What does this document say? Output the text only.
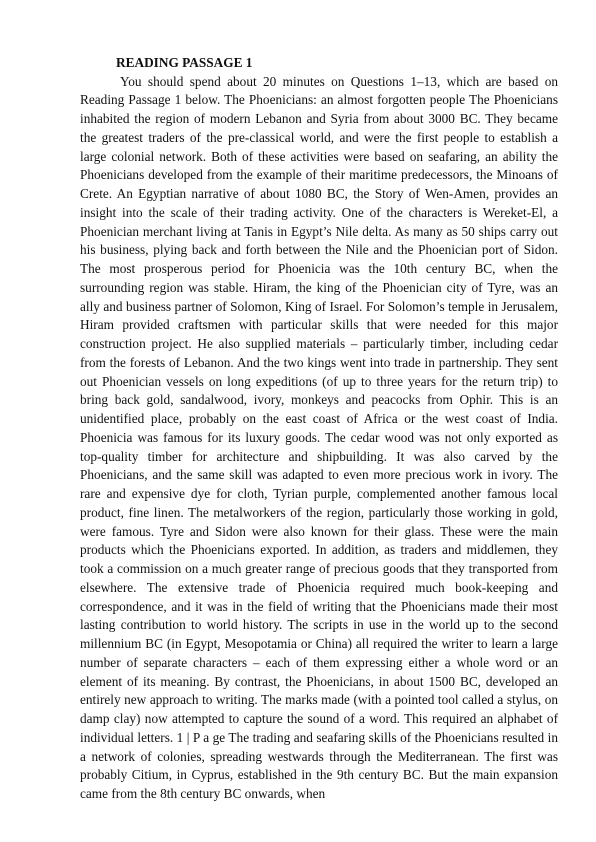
READING PASSAGE 1

You should spend about 20 minutes on Questions 1–13, which are based on Reading Passage 1 below. The Phoenicians: an almost forgotten people The Phoenicians inhabited the region of modern Lebanon and Syria from about 3000 BC. They became the greatest traders of the pre-classical world, and were the first people to establish a large colonial network. Both of these activities were based on seafaring, an ability the Phoenicians developed from the example of their maritime predecessors, the Minoans of Crete. An Egyptian narrative of about 1080 BC, the Story of Wen-Amen, provides an insight into the scale of their trading activity. One of the characters is Wereket-El, a Phoenician merchant living at Tanis in Egypt’s Nile delta. As many as 50 ships carry out his business, plying back and forth between the Nile and the Phoenician port of Sidon. The most prosperous period for Phoenicia was the 10th century BC, when the surrounding region was stable. Hiram, the king of the Phoenician city of Tyre, was an ally and business partner of Solomon, King of Israel. For Solomon’s temple in Jerusalem, Hiram provided craftsmen with particular skills that were needed for this major construction project. He also supplied materials – particularly timber, including cedar from the forests of Lebanon. And the two kings went into trade in partnership. They sent out Phoenician vessels on long expeditions (of up to three years for the return trip) to bring back gold, sandalwood, ivory, monkeys and peacocks from Ophir. This is an unidentified place, probably on the east coast of Africa or the west coast of India. Phoenicia was famous for its luxury goods. The cedar wood was not only exported as top-quality timber for architecture and shipbuilding. It was also carved by the Phoenicians, and the same skill was adapted to even more precious work in ivory. The rare and expensive dye for cloth, Tyrian purple, complemented another famous local product, fine linen. The metalworkers of the region, particularly those working in gold, were famous. Tyre and Sidon were also known for their glass. These were the main products which the Phoenicians exported. In addition, as traders and middlemen, they took a commission on a much greater range of precious goods that they transported from elsewhere. The extensive trade of Phoenicia required much book-keeping and correspondence, and it was in the field of writing that the Phoenicians made their most lasting contribution to world history. The scripts in use in the world up to the second millennium BC (in Egypt, Mesopotamia or China) all required the writer to learn a large number of separate characters – each of them expressing either a whole word or an element of its meaning. By contrast, the Phoenicians, in about 1500 BC, developed an entirely new approach to writing. The marks made (with a pointed tool called a stylus, on damp clay) now attempted to capture the sound of a word. This required an alphabet of individual letters. 1 | P a ge The trading and seafaring skills of the Phoenicians resulted in a network of colonies, spreading westwards through the Mediterranean. The first was probably Citium, in Cyprus, established in the 9th century BC. But the main expansion came from the 8th century BC onwards, when
